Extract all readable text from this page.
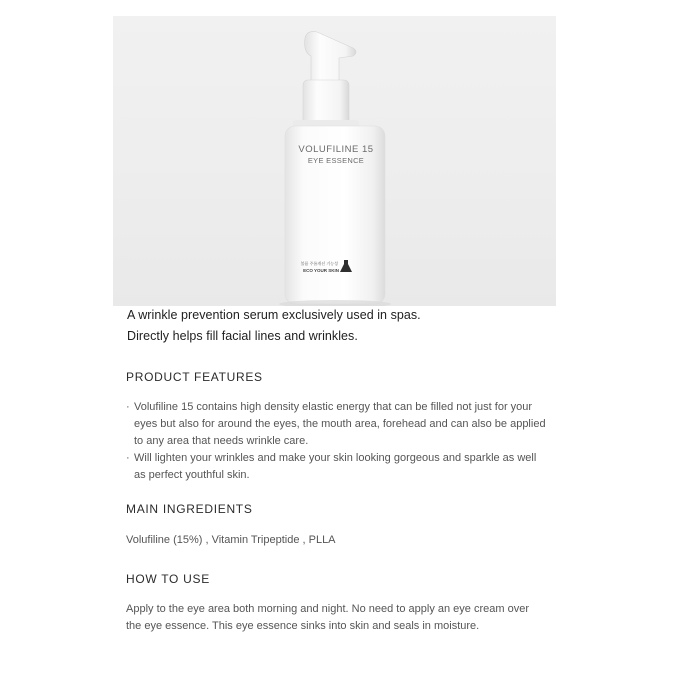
VOLUFILINE 15
EYE ESSENCE
볼륨 주름개선 기능성
ECO YOUR SKIN
A wrinkle prevention serum exclusively used in spas.
Directly helps fill facial lines and wrinkles.
PRODUCT FEATURES
· Volufiline 15 contains high density elastic energy that can be filled not just for your eyes but also for around the eyes, the mouth area, forehead and can also be applied to any area that needs wrinkle care.
· Will lighten your wrinkles and make your skin looking gorgeous and sparkle as well as perfect youthful skin.
MAIN INGREDIENTS
Volufiline (15%) , Vitamin Tripeptide , PLLA
HOW TO USE
Apply to the eye area both morning and night. No need to apply an eye cream over the eye essence. This eye essence sinks into skin and seals in moisture.
